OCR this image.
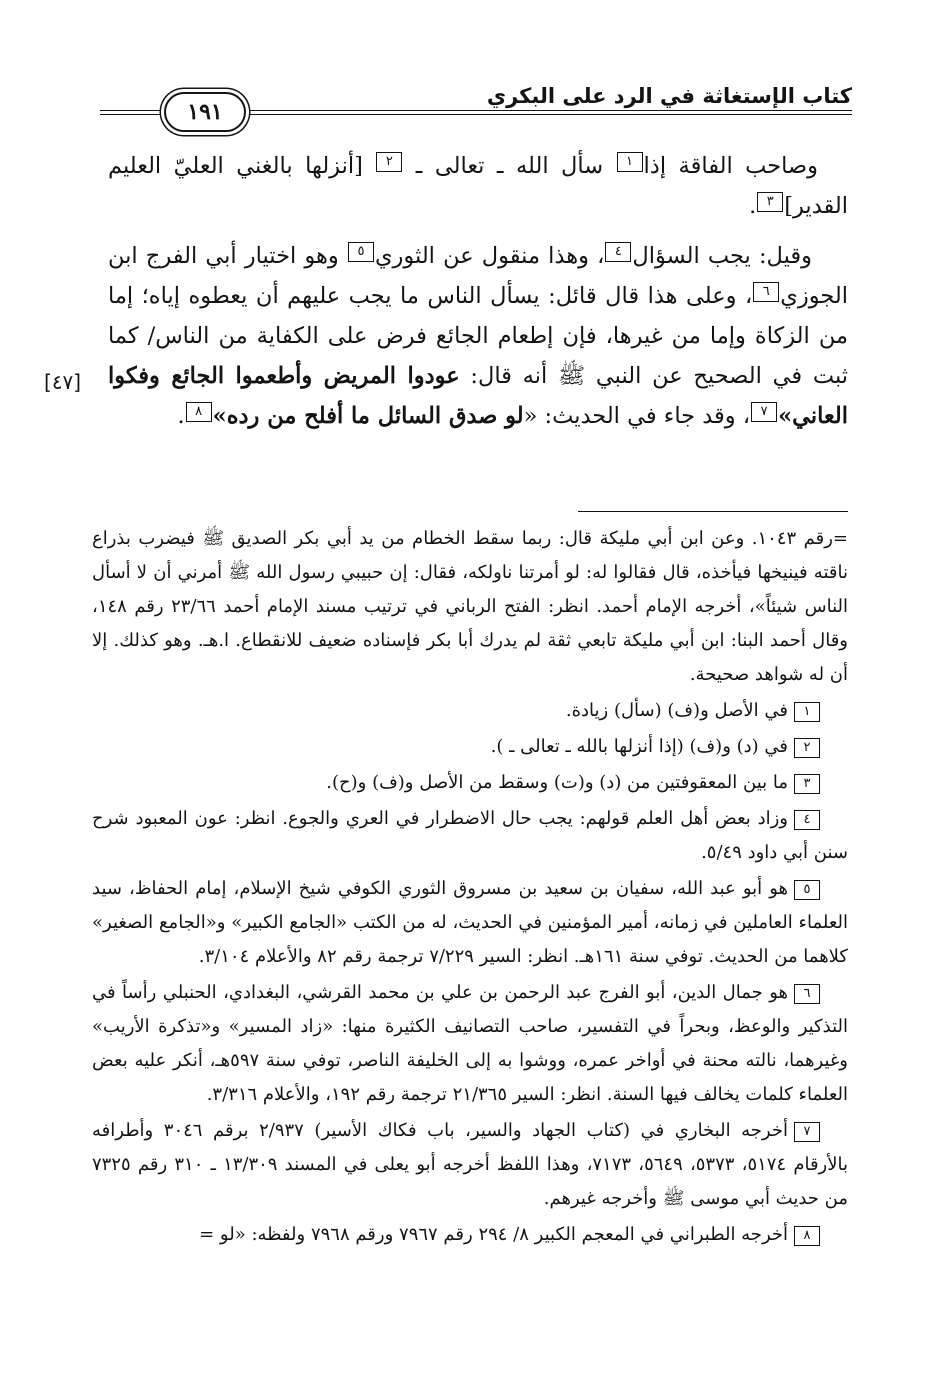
كتاب الإستغاثة في الرد على البكري
١٩١
[٤٧]

وصاحب الفاقة إذا١ سأل الله ـ تعالى ـ ٢ [أنزلها بالغني العليّ العليم القدير]٣.

وقيل: يجب السؤال٤، وهذا منقول عن الثوري٥ وهو اختيار أبي الفرج ابن الجوزي٦، وعلى هذا قال قائل: يسأل الناس ما يجب عليهم أن يعطوه إياه؛ إما من الزكاة وإما من غيرها، فإن إطعام الجائع فرض على الكفاية من الناس/ كما ثبت في الصحيح عن النبي ﷺ أنه قال: عودوا المريض وأطعموا الجائع وفكوا العاني»٧، وقد جاء في الحديث: «لو صدق السائل ما أفلح من رده»٨.

=رقم ١٠٤٣. وعن ابن أبي مليكة قال: ربما سقط الخطام من يد أبي بكر الصديق ﷺ فيضرب بذراع ناقته فينيخها فيأخذه، قال فقالوا له: لو أمرتنا ناولكه، فقال: إن حبيبي رسول الله ﷺ أمرني أن لا أسأل الناس شيئاً»، أخرجه الإمام أحمد. انظر: الفتح الرباني في ترتيب مسند الإمام أحمد ٢٣/٦٦ رقم ١٤٨، وقال أحمد البنا: ابن أبي مليكة تابعي ثقة لم يدرك أبا بكر فإسناده ضعيف للانقطاع. ا.هـ. وهو كذلك. إلا أن له شواهد صحيحة.

١في الأصل و(ف) (سأل) زيادة.

٢في (د) و(ف) (إذا أنزلها بالله ـ تعالى ـ ).

٣ما بين المعقوفتين من (د) و(ت) وسقط من الأصل و(ف) و(ح).

٤وزاد بعض أهل العلم قولهم: يجب حال الاضطرار في العري والجوع. انظر: عون المعبود شرح سنن أبي داود ٥/٤٩.

٥هو أبو عبد الله، سفيان بن سعيد بن مسروق الثوري الكوفي شيخ الإسلام، إمام الحفاظ، سيد العلماء العاملين في زمانه، أمير المؤمنين في الحديث، له من الكتب «الجامع الكبير» و«الجامع الصغير» كلاهما من الحديث. توفي سنة ١٦١هـ. انظر: السير ٧/٢٢٩ ترجمة رقم ٨٢ والأعلام ٣/١٠٤.

٦هو جمال الدين، أبو الفرج عبد الرحمن بن علي بن محمد القرشي، البغدادي، الحنبلي رأساً في التذكير والوعظ، وبحراً في التفسير، صاحب التصانيف الكثيرة منها: «زاد المسير» و«تذكرة الأريب» وغيرهما، نالته محنة في أواخر عمره، ووشوا به إلى الخليفة الناصر، توفي سنة ٥٩٧هـ، أنكر عليه بعض العلماء كلمات يخالف فيها السنة. انظر: السير ٢١/٣٦٥ ترجمة رقم ١٩٢، والأعلام ٣/٣١٦.

٧أخرجه البخاري في (كتاب الجهاد والسير، باب فكاك الأسير) ٢/٩٣٧ برقم ٣٠٤٦ وأطرافه بالأرقام ٥١٧٤، ٥٣٧٣، ٥٦٤٩، ٧١٧٣، وهذا اللفظ أخرجه أبو يعلى في المسند ١٣/٣٠٩ ـ ٣١٠ رقم ٧٣٢٥ من حديث أبي موسى ﷺ وأخرجه غيرهم.

٨أخرجه الطبراني في المعجم الكبير ٨/ ٢٩٤ رقم ٧٩٦٧ ورقم ٧٩٦٨ ولفظه: «لو =
